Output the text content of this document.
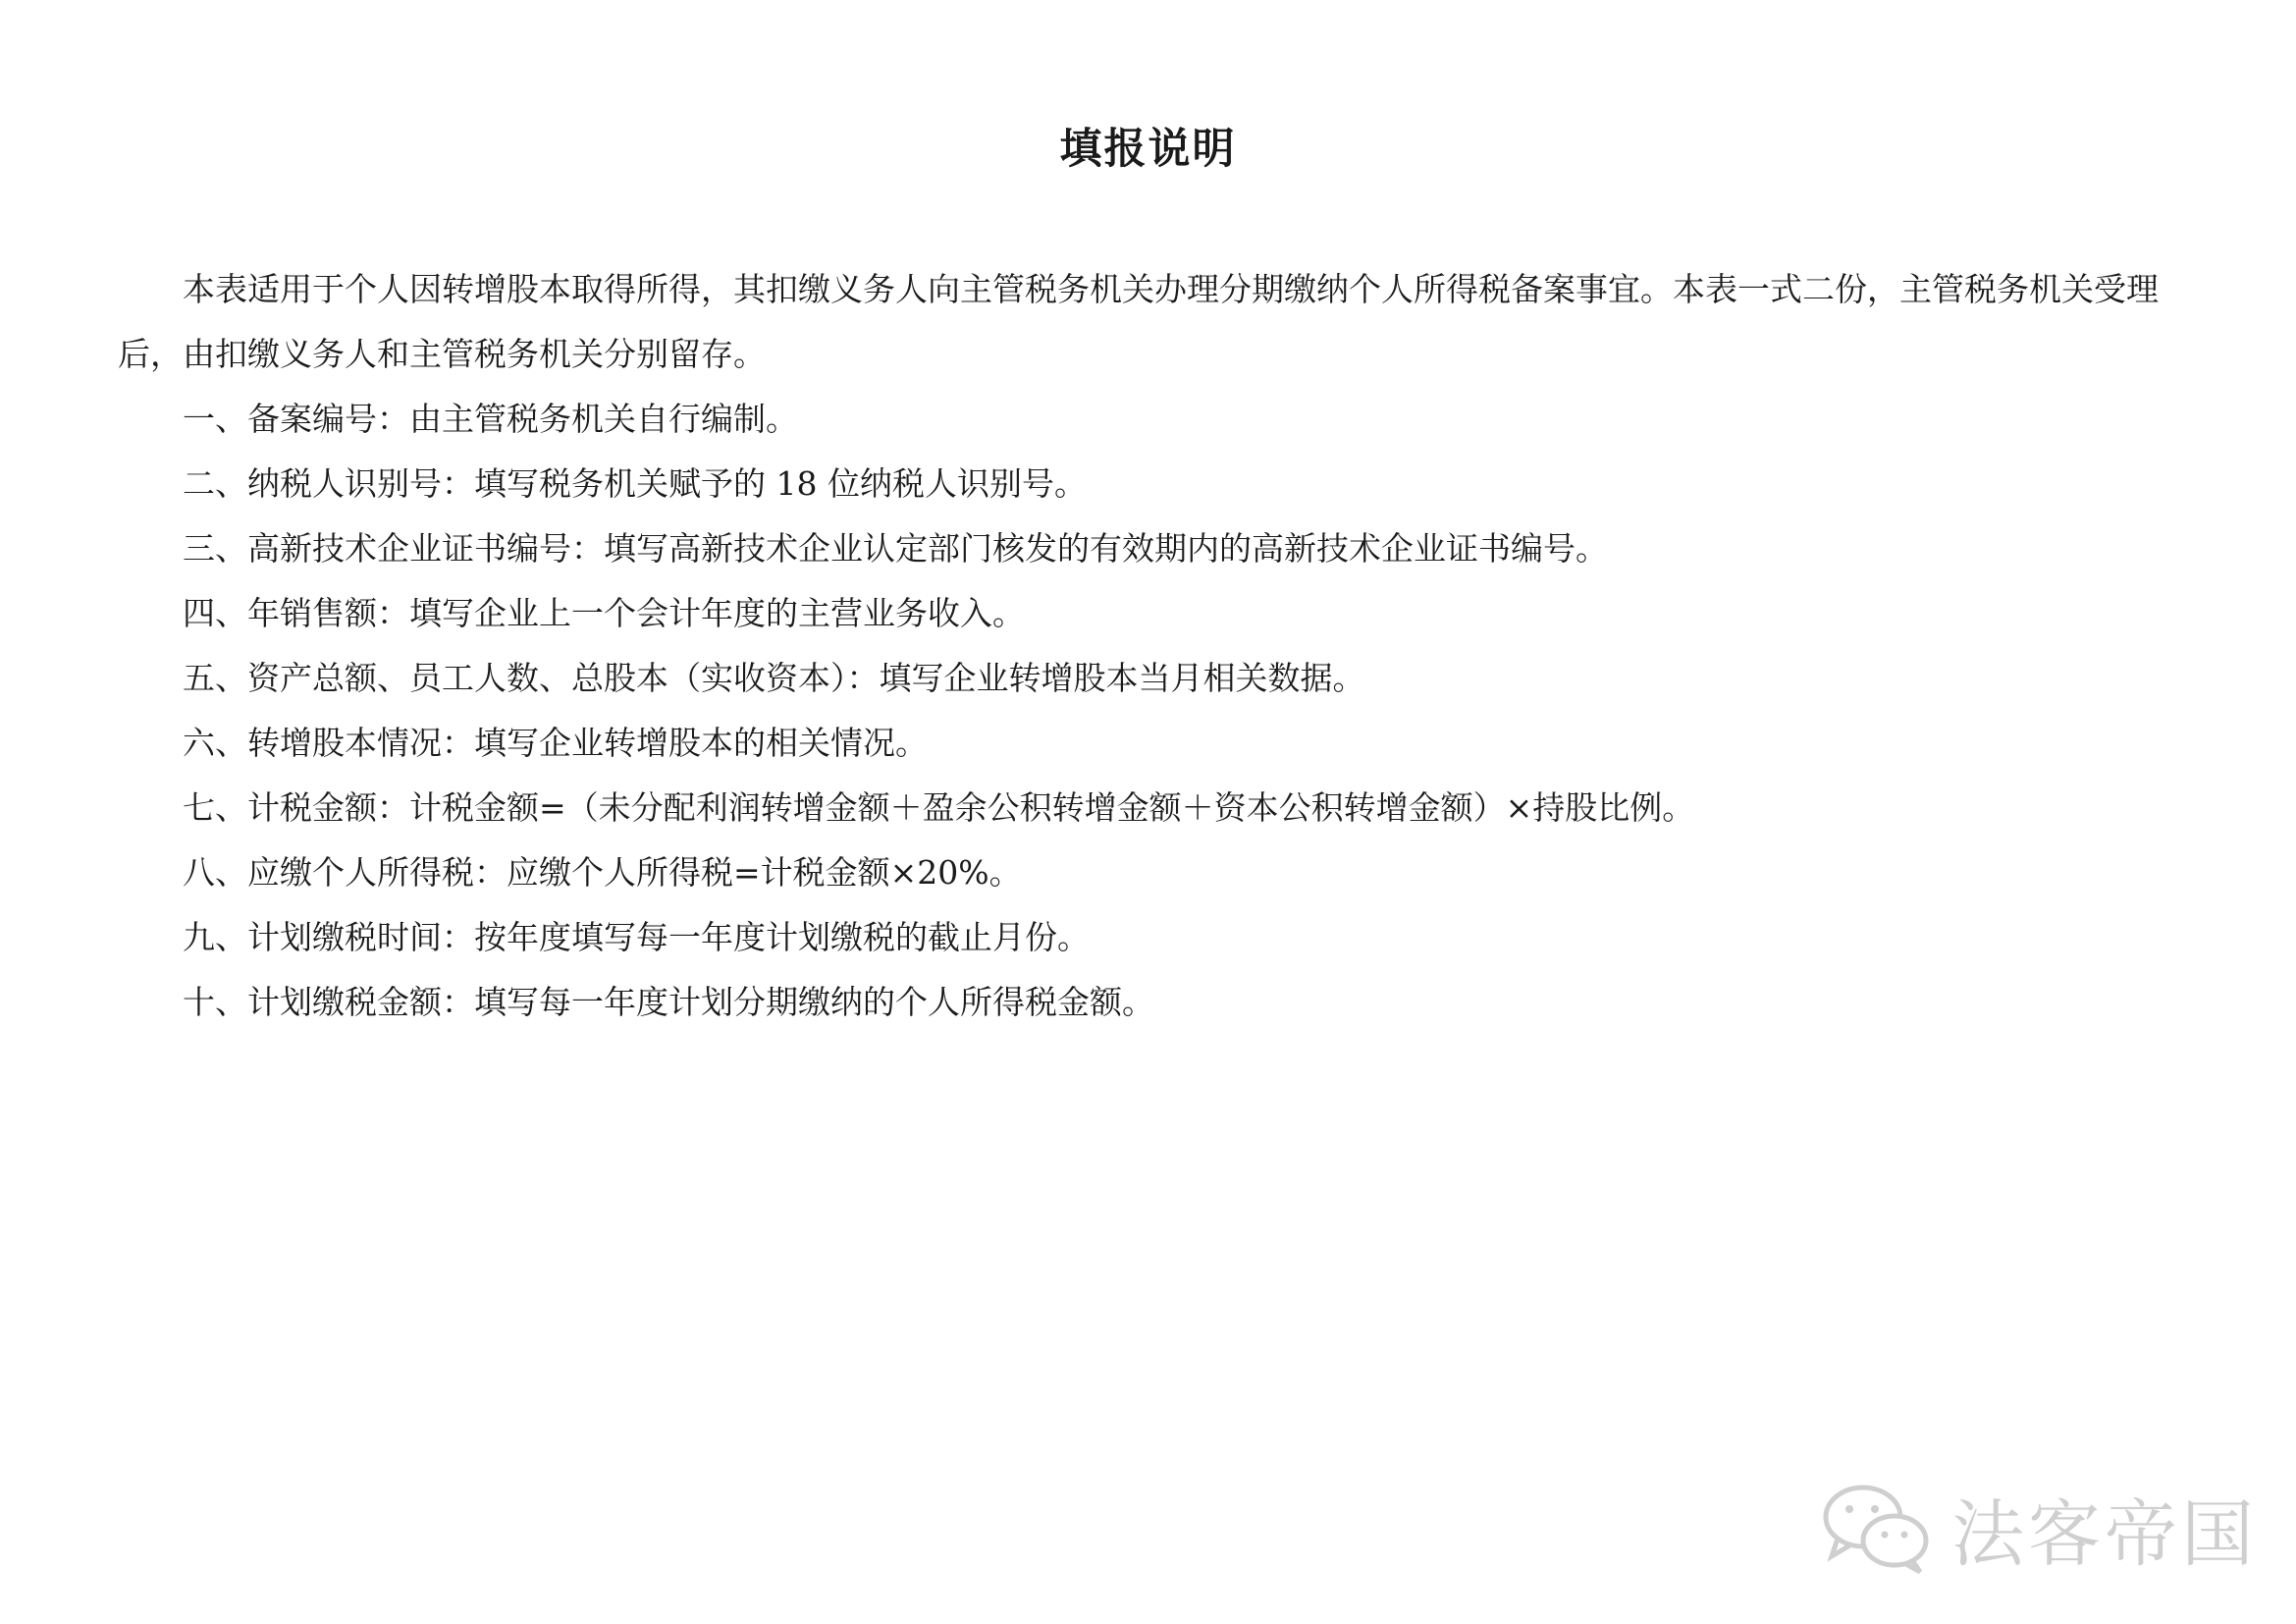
填报说明

本表适用于个人因转增股本取得所得，其扣缴义务人向主管税务机关办理分期缴纳个人所得税备案事宜。本表一式二份，主管税务机关受理后，由扣缴义务人和主管税务机关分别留存。

一、备案编号：由主管税务机关自行编制。

二、纳税人识别号：填写税务机关赋予的 18 位纳税人识别号。

三、高新技术企业证书编号：填写高新技术企业认定部门核发的有效期内的高新技术企业证书编号。

四、年销售额：填写企业上一个会计年度的主营业务收入。

五、资产总额、员工人数、总股本（实收资本）：填写企业转增股本当月相关数据。

六、转增股本情况：填写企业转增股本的相关情况。

七、计税金额：计税金额=（未分配利润转增金额＋盈余公积转增金额＋资本公积转增金额）×持股比例。

八、应缴个人所得税：应缴个人所得税=计税金额×20%。

九、计划缴税时间：按年度填写每一年度计划缴税的截止月份。

十、计划缴税金额：填写每一年度计划分期缴纳的个人所得税金额。

法客帝国
